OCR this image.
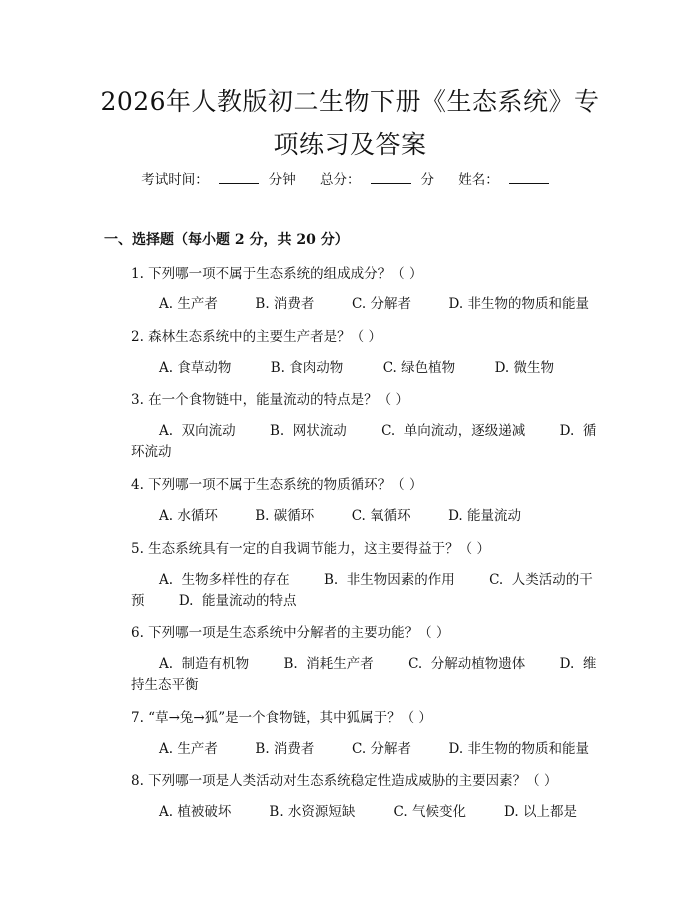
2026年人教版初二生物下册《生态系统》专
项练习及答案
考试时间：	分钟 总分：	分 姓名：
一、选择题（每小题 2 分，共 20 分）
1. 下列哪一项不属于生态系统的组成成分？（ ）
A. 生产者	B. 消费者	C. 分解者	D. 非生物的物质和能量
2. 森林生态系统中的主要生产者是？（ ）
A. 食草动物	B. 食肉动物	C. 绿色植物	D. 微生物
3. 在一个食物链中，能量流动的特点是？（ ）
A.  双向流动        B.  网状流动        C.  单向流动，逐级递减        D.  循
环流动
4. 下列哪一项不属于生态系统的物质循环？（ ）
A. 水循环	B. 碳循环	C. 氧循环	D. 能量流动
5. 生态系统具有一定的自我调节能力，这主要得益于？（ ）
A.  生物多样性的存在        B.  非生物因素的作用        C.  人类活动的干
预        D.  能量流动的特点
6. 下列哪一项是生态系统中分解者的主要功能？（ ）
A.  制造有机物        B.  消耗生产者        C.  分解动植物遗体        D.  维
持生态平衡
7. “草→兔→狐”是一个食物链，其中狐属于？（ ）
A. 生产者	B. 消费者	C. 分解者	D. 非生物的物质和能量
8. 下列哪一项是人类活动对生态系统稳定性造成威胁的主要因素？（ ）
A. 植被破坏	B. 水资源短缺	C. 气候变化	D. 以上都是
